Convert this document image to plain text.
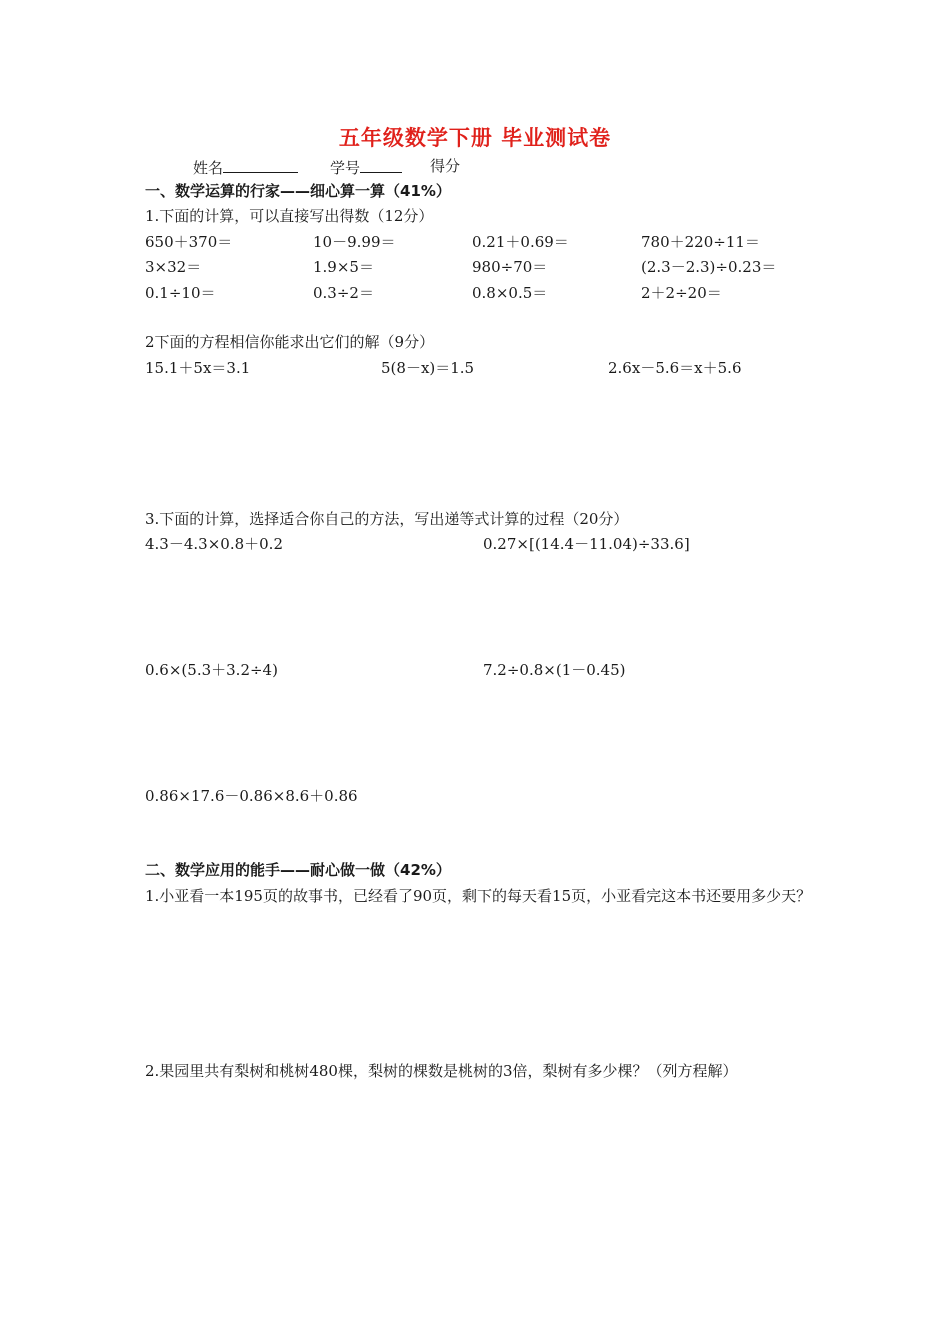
五年级数学下册 毕业测试卷
姓名	学号	得分
一、数学运算的行家——细心算一算（41%）
1.下面的计算，可以直接写出得数（12分）
650＋370＝	10－9.99＝	0.21＋0.69＝	780＋220÷11＝
3×32＝	1.9×5＝	980÷70＝	(2.3－2.3)÷0.23＝
0.1÷10＝	0.3÷2＝	0.8×0.5＝	2＋2÷20＝
2下面的方程相信你能求出它们的解（9分）
15.1＋5x＝3.1	5(8－x)＝1.5	2.6x－5.6＝x＋5.6
3.下面的计算，选择适合你自己的方法，写出递等式计算的过程（20分）
4.3－4.3×0.8＋0.2	0.27×[(14.4－11.04)÷33.6]
0.6×(5.3＋3.2÷4)	7.2÷0.8×(1－0.45)
0.86×17.6－0.86×8.6＋0.86
二、数学应用的能手——耐心做一做（42%）
1.小亚看一本195页的故事书，已经看了90页，剩下的每天看15页，小亚看完这本书还要用多少天？
2.果园里共有梨树和桃树480棵，梨树的棵数是桃树的3倍，梨树有多少棵？（列方程解）
